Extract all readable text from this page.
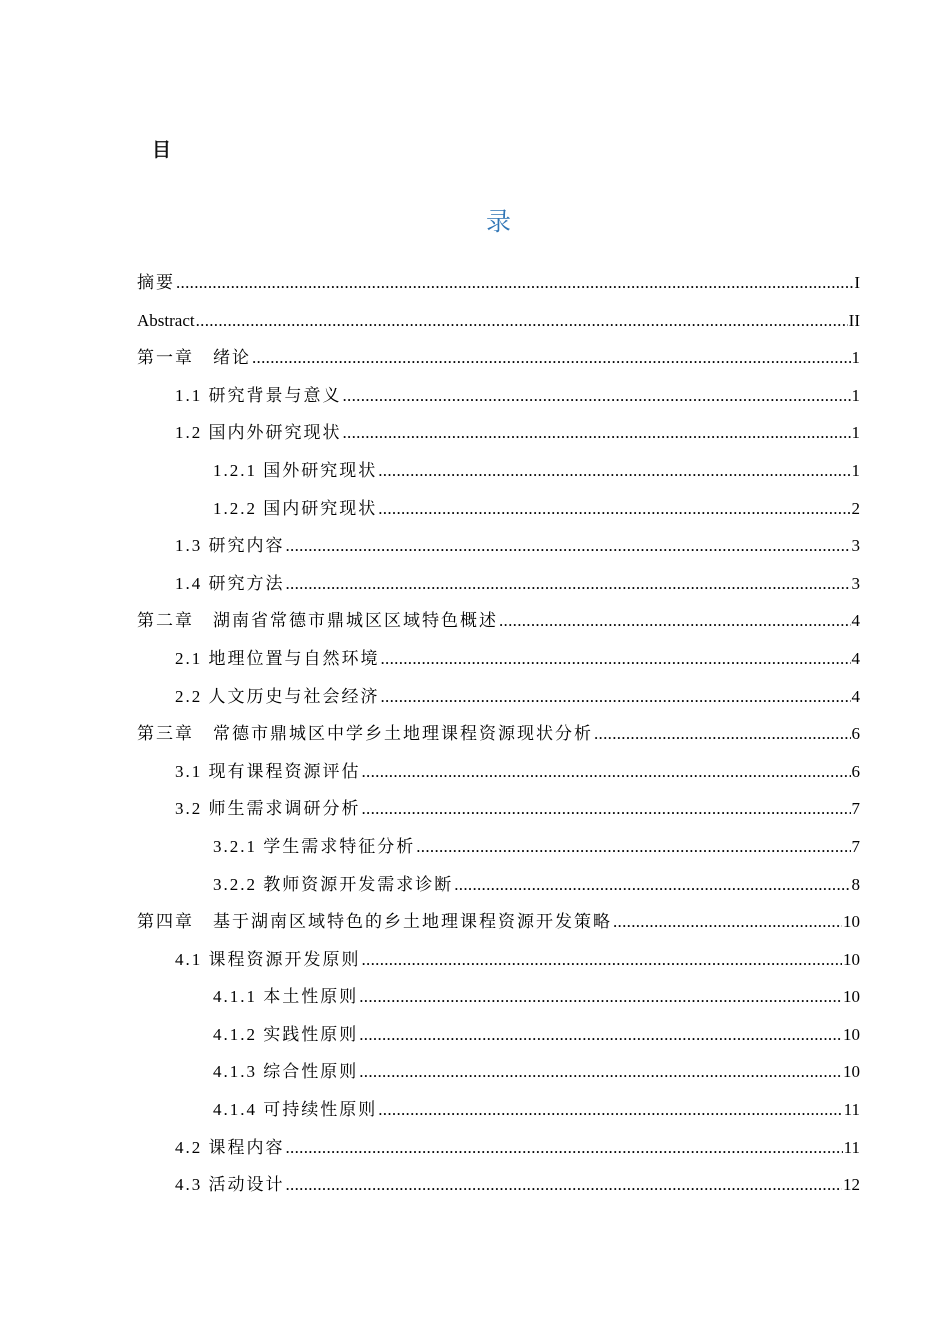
目
录
摘要 .....	I
Abstract .....	II
第一章　绪论 .....	1
1.1 研究背景与意义 .....	1
1.2 国内外研究现状 .....	1
1.2.1 国外研究现状 .....	1
1.2.2 国内研究现状 .....	2
1.3 研究内容 .....	3
1.4 研究方法 .....	3
第二章　湖南省常德市鼎城区区域特色概述 .....	4
2.1 地理位置与自然环境 .....	4
2.2 人文历史与社会经济 .....	4
第三章　常德市鼎城区中学乡土地理课程资源现状分析 .....	6
3.1 现有课程资源评估 .....	6
3.2 师生需求调研分析 .....	7
3.2.1 学生需求特征分析 .....	7
3.2.2 教师资源开发需求诊断 .....	8
第四章　基于湖南区域特色的乡土地理课程资源开发策略 .....	10
4.1 课程资源开发原则 .....	10
4.1.1 本土性原则 .....	10
4.1.2 实践性原则 .....	10
4.1.3 综合性原则 .....	10
4.1.4 可持续性原则 .....	11
4.2 课程内容 .....	11
4.3 活动设计 .....	12
